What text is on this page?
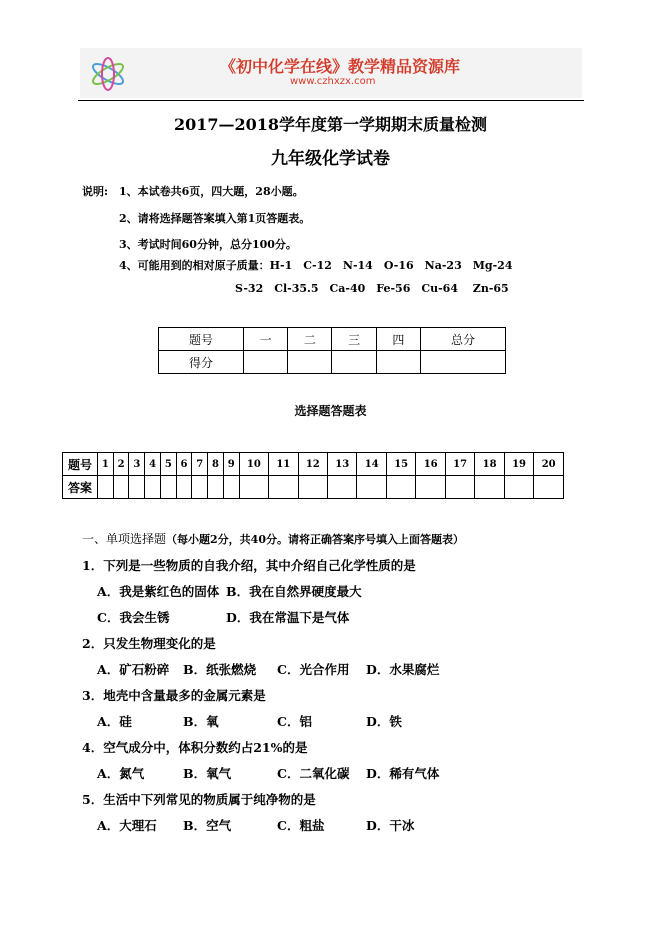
《初中化学在线》教学精品资源库
www.czhxzx.com
2017—2018学年度第一学期期末质量检测
九年级化学试卷
说明: 1、本试卷共6页，四大题，28小题。
2、请将选择题答案填入第1页答题表。
3、考试时间60分钟，总分100分。
4、可能用到的相对原子质量：H-1　C-12　N-14　O-16　Na-23　Mg-24
S-32　Cl-35.5　Ca-40　Fe-56　Cu-64　 Zn-65
题号	一	二	三	四	总分
得分					
选择题答题表
题号	1	2	3	4	5	6	7	8	9	10	11	12	13	14	15	16	17	18	19	20
答案																				
一、单项选择题（每小题2分，共40分。请将正确答案序号填入上面答题表）
1．下列是一些物质的自我介绍，其中介绍自己化学性质的是
A．我是紫红色的固体 B．我在自然界硬度最大
C．我会生锈	D．我在常温下是气体
2．只发生物理变化的是
A．矿石粉碎 B．纸张燃烧 C．光合作用 D．水果腐烂
3．地壳中含量最多的金属元素是
A．硅	B．氧	C．铝	D．铁
4．空气成分中，体积分数约占21%的是
A．氮气	B．氧气	C．二氧化碳 D．稀有气体
5．生活中下列常见的物质属于纯净物的是
A．大理石 B．空气	C．粗盐	D．干冰
